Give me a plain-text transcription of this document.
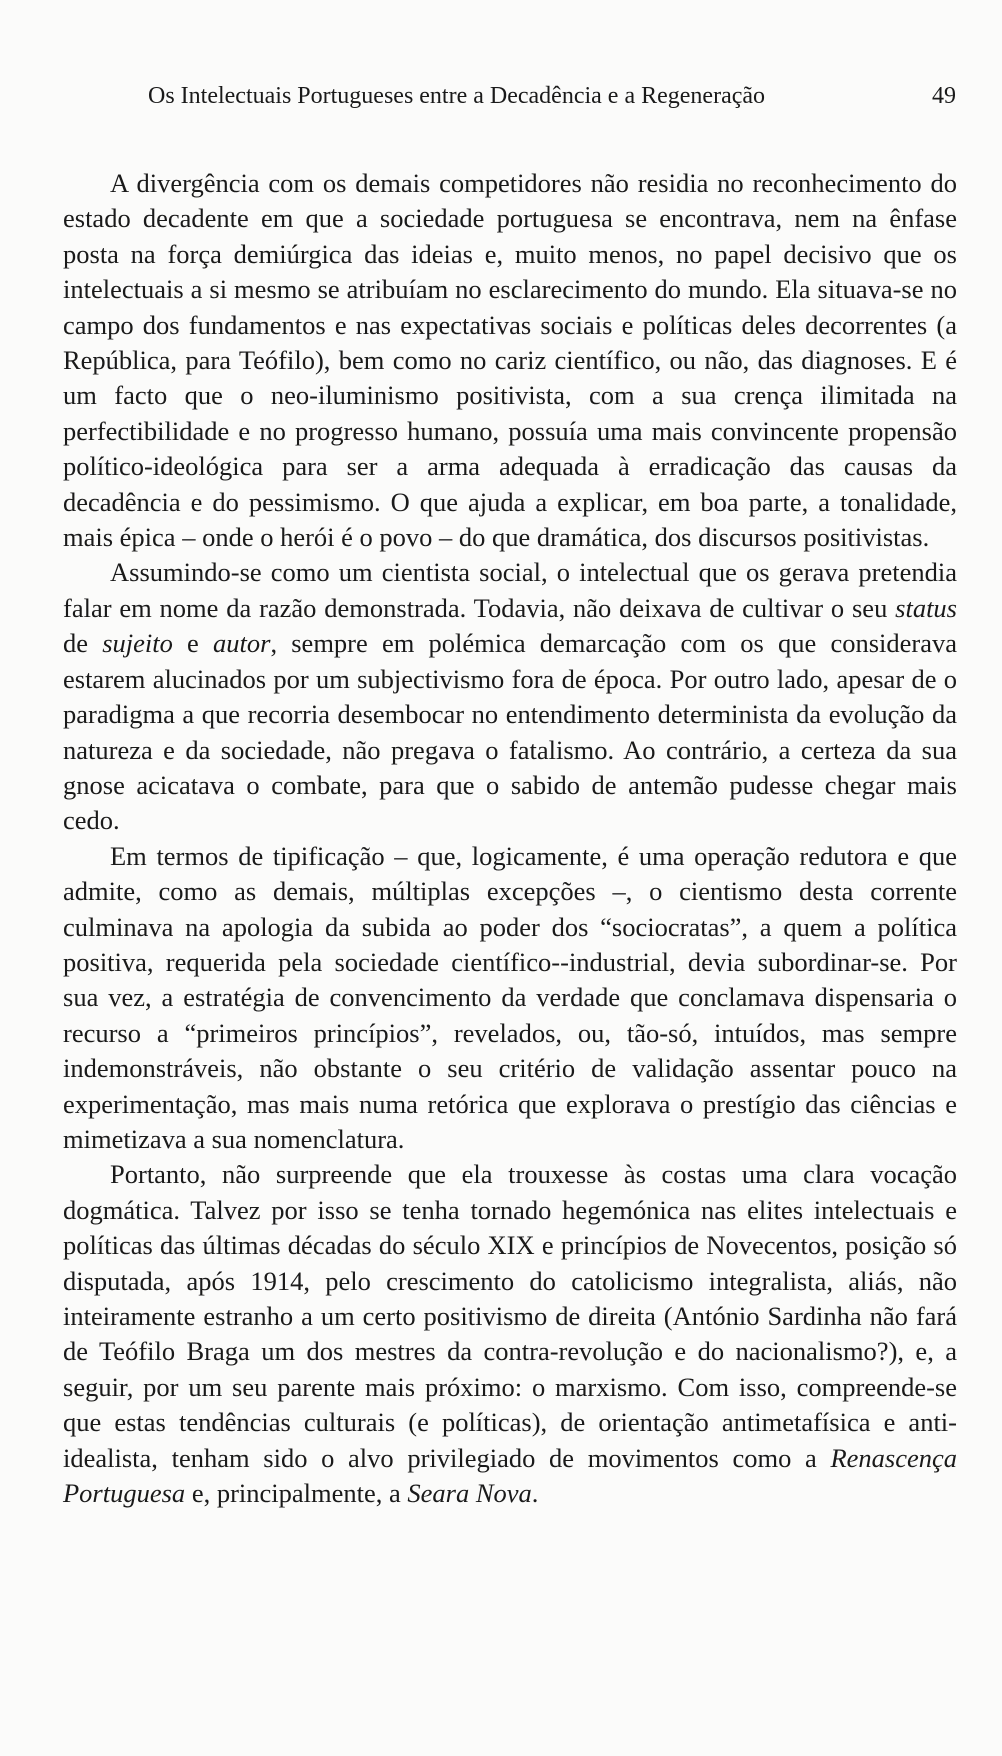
Os Intelectuais Portugueses entre a Decadência e a Regeneração	49

A divergência com os demais competidores não residia no reconhecimento do estado decadente em que a sociedade portuguesa se encontrava, nem na ênfase posta na força demiúrgica das ideias e, muito menos, no papel decisivo que os intelectuais a si mesmo se atribuíam no esclarecimento do mundo. Ela situava-se no campo dos fundamentos e nas expectativas sociais e políticas deles decorrentes (a República, para Teófilo), bem como no cariz científico, ou não, das diagnoses. E é um facto que o neo-iluminismo positivista, com a sua crença ilimitada na perfectibilidade e no progresso humano, possuía uma mais convincente propensão político-ideológica para ser a arma adequada à erradicação das causas da decadência e do pessimismo. O que ajuda a explicar, em boa parte, a tonalidade, mais épica – onde o herói é o povo – do que dramática, dos discursos positivistas.

Assumindo-se como um cientista social, o intelectual que os gerava pretendia falar em nome da razão demonstrada. Todavia, não deixava de cultivar o seu status de sujeito e autor, sempre em polémica demarcação com os que considerava estarem alucinados por um subjectivismo fora de época. Por outro lado, apesar de o paradigma a que recorria desembocar no entendimento determinista da evolução da natureza e da sociedade, não pregava o fatalismo. Ao contrário, a certeza da sua gnose acicatava o combate, para que o sabido de antemão pudesse chegar mais cedo.

Em termos de tipificação – que, logicamente, é uma operação redutora e que admite, como as demais, múltiplas excepções –, o cientismo desta corrente culminava na apologia da subida ao poder dos “sociocratas”, a quem a política positiva, requerida pela sociedade científico--industrial, devia subordinar-se. Por sua vez, a estratégia de convencimento da verdade que conclamava dispensaria o recurso a “primeiros princípios”, revelados, ou, tão-só, intuídos, mas sempre indemonstráveis, não obstante o seu critério de validação assentar pouco na experimentação, mas mais numa retórica que explorava o prestígio das ciências e mimetizava a sua nomenclatura.

Portanto, não surpreende que ela trouxesse às costas uma clara vocação dogmática. Talvez por isso se tenha tornado hegemónica nas elites intelectuais e políticas das últimas décadas do século XIX e princípios de Novecentos, posição só disputada, após 1914, pelo crescimento do catolicismo integralista, aliás, não inteiramente estranho a um certo positivismo de direita (António Sardinha não fará de Teófilo Braga um dos mestres da contra-revolução e do nacionalismo?), e, a seguir, por um seu parente mais próximo: o marxismo. Com isso, compreende-se que estas tendências culturais (e políticas), de orientação antimetafísica e anti-idealista, tenham sido o alvo privilegiado de movimentos como a Renascença Portuguesa e, principalmente, a Seara Nova.
